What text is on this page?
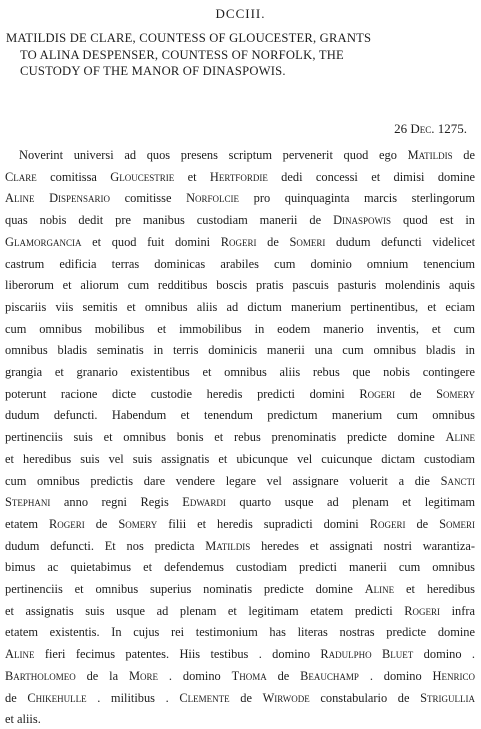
DCCIII.
MATILDIS DE CLARE, COUNTESS OF GLOUCESTER, GRANTS
TO ALINA DESPENSER, COUNTESS OF NORFOLK, THE
CUSTODY OF THE MANOR OF DINASPOWIS.
26 Dec. 1275.
Noverint universi ad quos presens scriptum pervenerit quod ego Matildis de
Clare comitissa Gloucestrie et Hertfordie dedi concessi et dimisi domine
Aline Dispensario comitisse Norfolcie pro quinquaginta marcis sterlingorum
quas nobis dedit pre manibus custodiam manerii de Dinaspowis quod est in
Glamorgancia et quod fuit domini Rogeri de Someri dudum defuncti videlicet
castrum edificia terras dominicas arabiles cum dominio omnium tenencium
liberorum et aliorum cum redditibus boscis pratis pascuis pasturis molendinis aquis
piscariis viis semitis et omnibus aliis ad dictum manerium pertinentibus, et eciam
cum omnibus mobilibus et immobilibus in eodem manerio inventis, et cum
omnibus bladis seminatis in terris dominicis manerii una cum omnibus bladis in
grangia et granario existentibus et omnibus aliis rebus que nobis contingere
poterunt racione dicte custodie heredis predicti domini Rogeri de Somery
dudum defuncti. Habendum et tenendum predictum manerium cum omnibus
pertinenciis suis et omnibus bonis et rebus prenominatis predicte domine Aline
et heredibus suis vel suis assignatis et ubicunque vel cuicunque dictam custodiam
cum omnibus predictis dare vendere legare vel assignare voluerit a die Sancti
Stephani anno regni Regis Edwardi quarto usque ad plenam et legitimam
etatem Rogeri de Somery filii et heredis supradicti domini Rogeri de Someri
dudum defuncti. Et nos predicta Matildis heredes et assignati nostri warantiza-
bimus ac quietabimus et defendemus custodiam predicti manerii cum omnibus
pertinenciis et omnibus superius nominatis predicte domine Aline et heredibus
et assignatis suis usque ad plenam et legitimam etatem predicti Rogeri infra
etatem existentis. In cujus rei testimonium has literas nostras predicte domine
Aline fieri fecimus patentes. Hiis testibus . domino Radulpho Bluet domino .
Bartholomeo de la More . domino Thoma de Beauchamp . domino Henrico
de Chikehulle . militibus . Clemente de Wirwode constabulario de Strigullia
et aliis.
